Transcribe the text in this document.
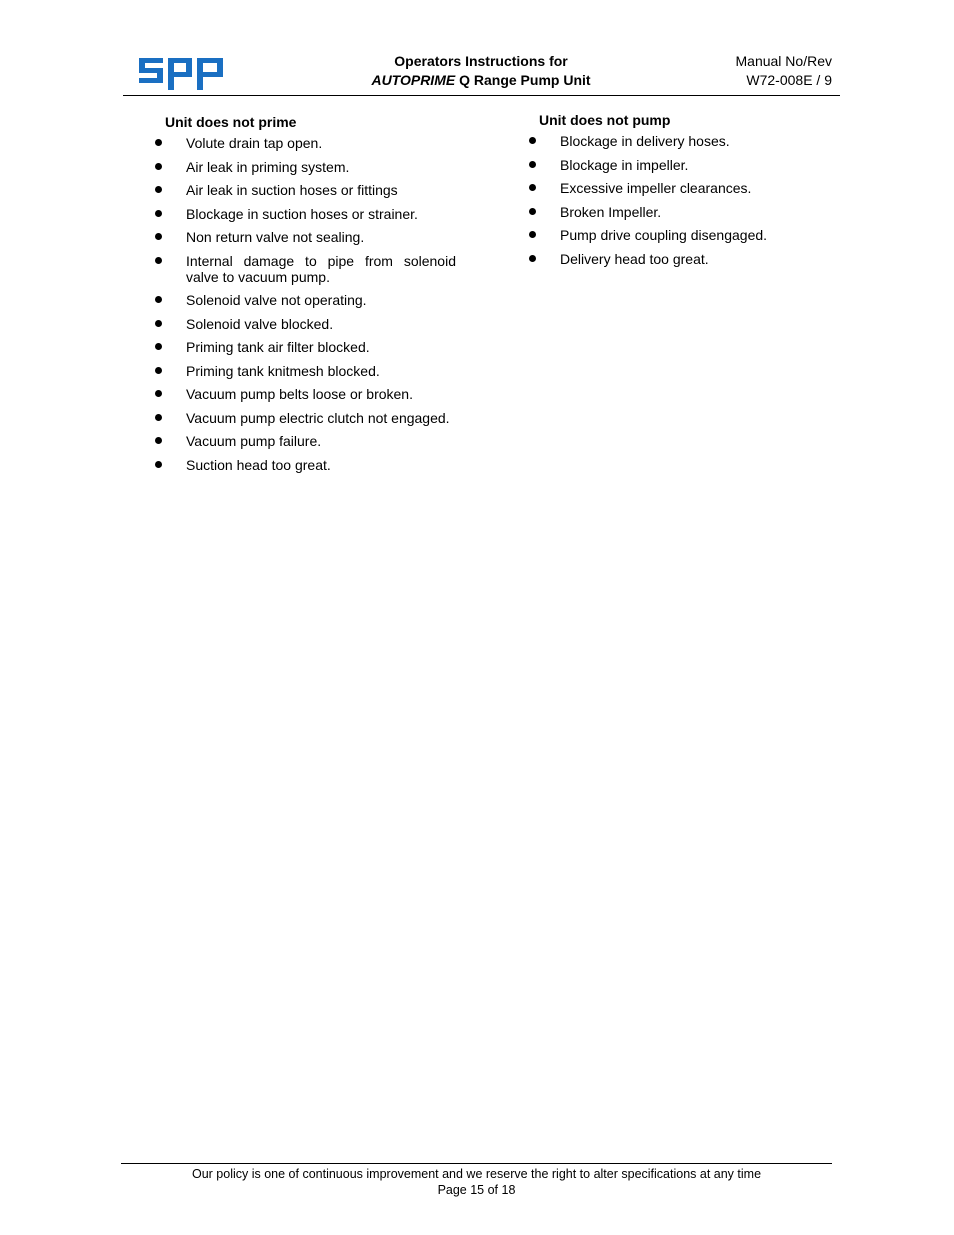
Operators Instructions for
AUTOPRIME Q Range Pump Unit
Manual No/Rev
W72-008E / 9
Unit does not prime
Volute drain tap open.
Air leak in priming system.
Air leak in suction hoses or fittings
Blockage in suction hoses or strainer.
Non return valve not sealing.
Internal damage to pipe from solenoid valve to vacuum pump.
Solenoid valve not operating.
Solenoid valve blocked.
Priming tank air filter blocked.
Priming tank knitmesh blocked.
Vacuum pump belts loose or broken.
Vacuum pump electric clutch not engaged.
Vacuum pump failure.
Suction head too great.
Unit does not pump
Blockage in delivery hoses.
Blockage in impeller.
Excessive impeller clearances.
Broken Impeller.
Pump drive coupling disengaged.
Delivery head too great.
Our policy is one of continuous improvement and we reserve the right to alter specifications at any time
Page 15 of 18
